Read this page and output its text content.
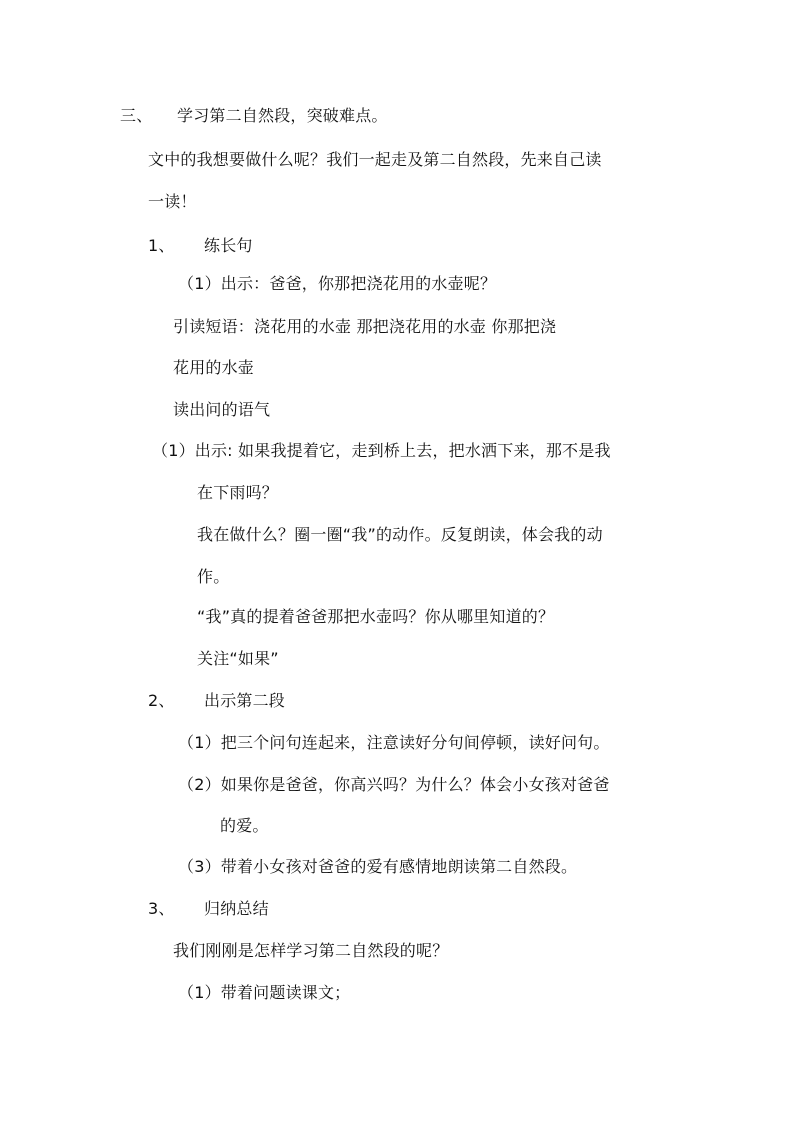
三、 学习第二自然段，突破难点。
文中的我想要做什么呢？我们一起走及第二自然段，先来自己读
一读！
1、 练长句
（1）出示：爸爸，你那把浇花用的水壶呢？
引读短语：浇花用的水壶 那把浇花用的水壶 你那把浇
花用的水壶
读出问的语气
（1）出示: 如果我提着它，走到桥上去，把水洒下来，那不是我
在下雨吗？
我在做什么？圈一圈“我”的动作。反复朗读，体会我的动
作。
“我”真的提着爸爸那把水壶吗？你从哪里知道的？
关注“如果”
2、 出示第二段
（1）把三个问句连起来，注意读好分句间停顿，读好问句。
（2）如果你是爸爸，你高兴吗？为什么？体会小女孩对爸爸
的爱。
（3）带着小女孩对爸爸的爱有感情地朗读第二自然段。
3、 归纳总结
我们刚刚是怎样学习第二自然段的呢？
（1）带着问题读课文；
